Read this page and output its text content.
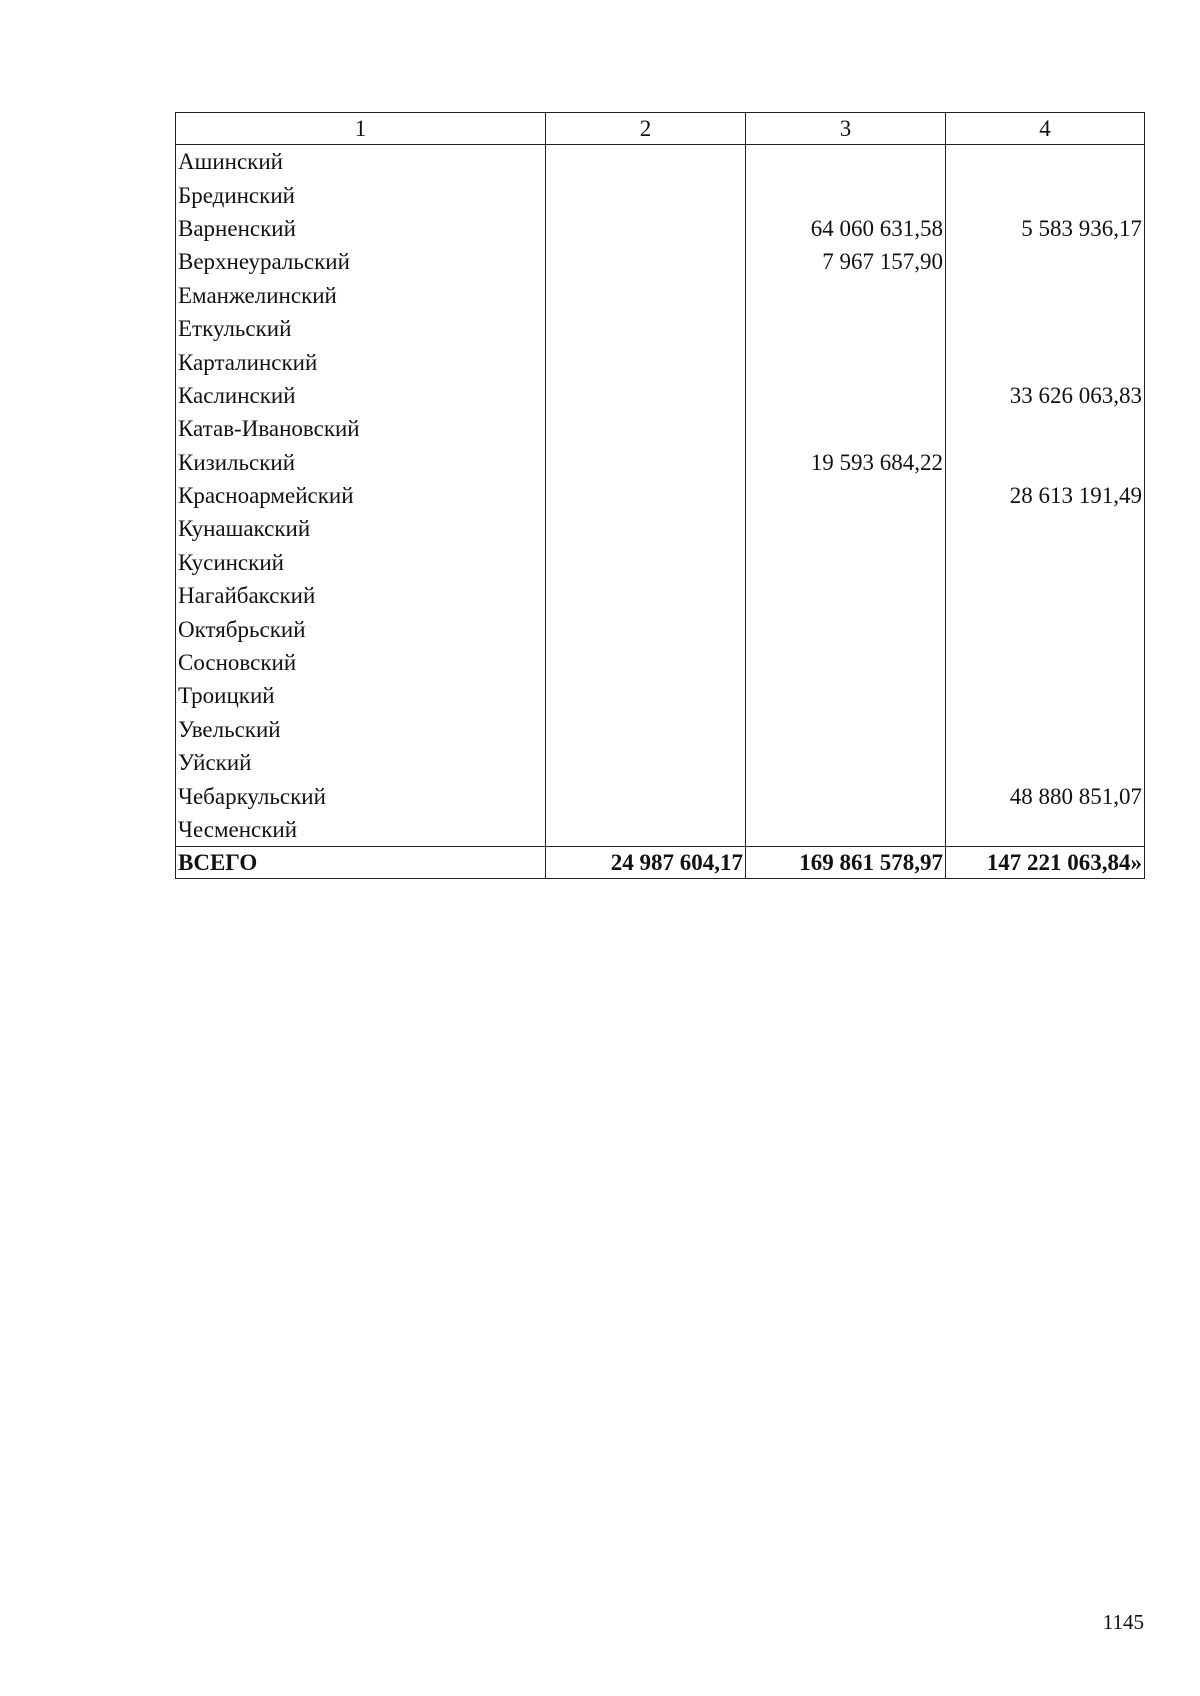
1	2	3	4
Ашинский			
Брединский			
Варненский		64 060 631,58	5 583 936,17
Верхнеуральский		7 967 157,90	
Еманжелинский			
Еткульский			
Карталинский			
Каслинский			33 626 063,83
Катав-Ивановский			
Кизильский		19 593 684,22	
Красноармейский			28 613 191,49
Кунашакский			
Кусинский			
Нагайбакский			
Октябрьский			
Сосновский			
Троицкий			
Увельский			
Уйский			
Чебаркульский			48 880 851,07
Чесменский			
ВСЕГО	24 987 604,17	169 861 578,97	147 221 063,84»
1145
